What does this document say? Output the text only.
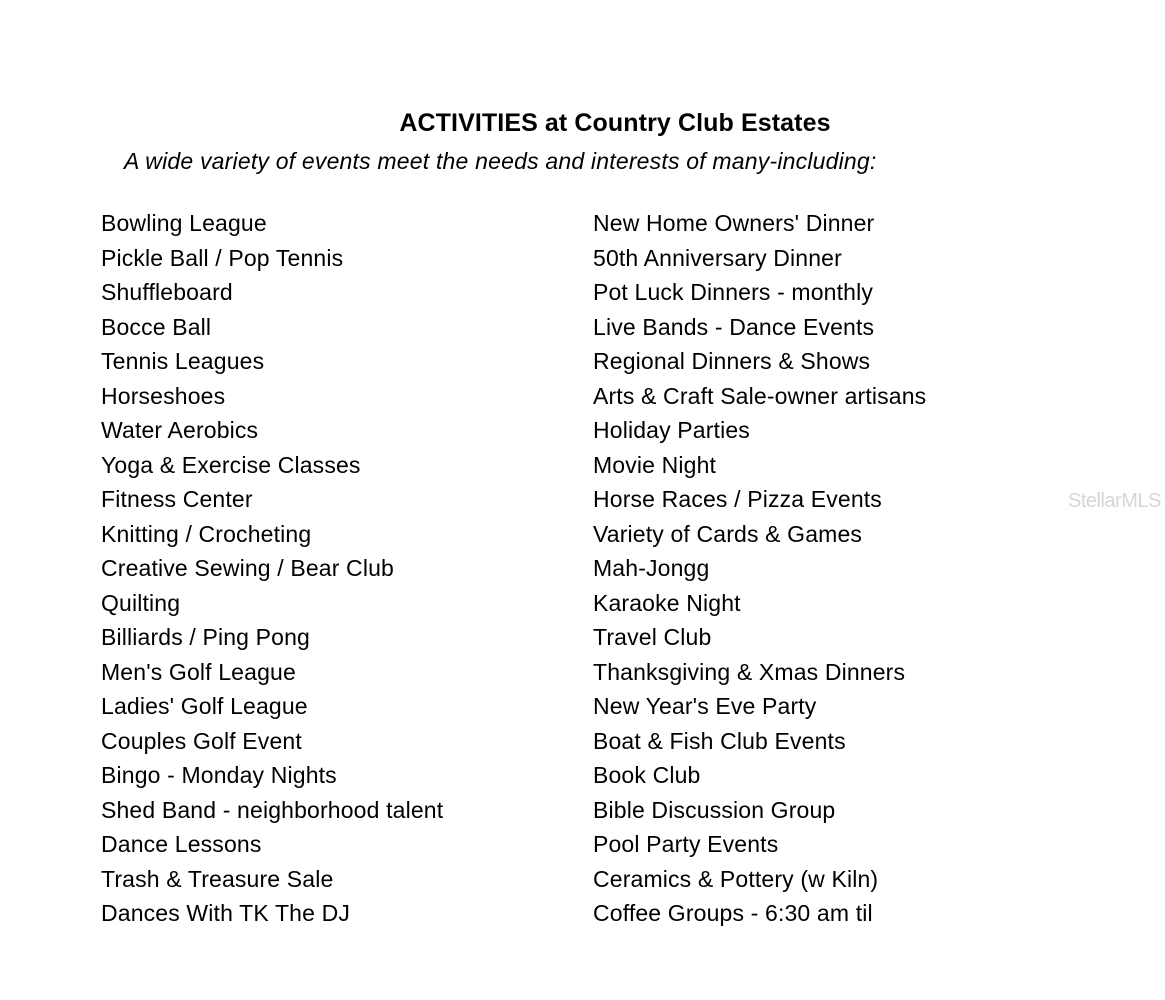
ACTIVITIES at Country Club Estates
A wide variety of events meet the needs and interests of many-including:
Bowling League
Pickle Ball / Pop Tennis
Shuffleboard
Bocce Ball
Tennis Leagues
Horseshoes
Water Aerobics
Yoga & Exercise Classes
Fitness Center
Knitting / Crocheting
Creative Sewing / Bear Club
Quilting
Billiards / Ping Pong
Men's Golf League
Ladies' Golf League
Couples Golf Event
Bingo - Monday Nights
Shed Band - neighborhood talent
Dance Lessons
Trash & Treasure Sale
Dances With TK The DJ
New Home Owners' Dinner
50th Anniversary Dinner
Pot Luck Dinners - monthly
Live Bands - Dance Events
Regional Dinners & Shows
Arts & Craft Sale-owner artisans
Holiday Parties
Movie Night
Horse Races / Pizza Events
Variety of Cards & Games
Mah-Jongg
Karaoke Night
Travel Club
Thanksgiving & Xmas Dinners
New Year's Eve Party
Boat & Fish Club Events
Book Club
Bible Discussion Group
Pool Party Events
Ceramics & Pottery (w Kiln)
Coffee Groups - 6:30 am til
StellarMLS
